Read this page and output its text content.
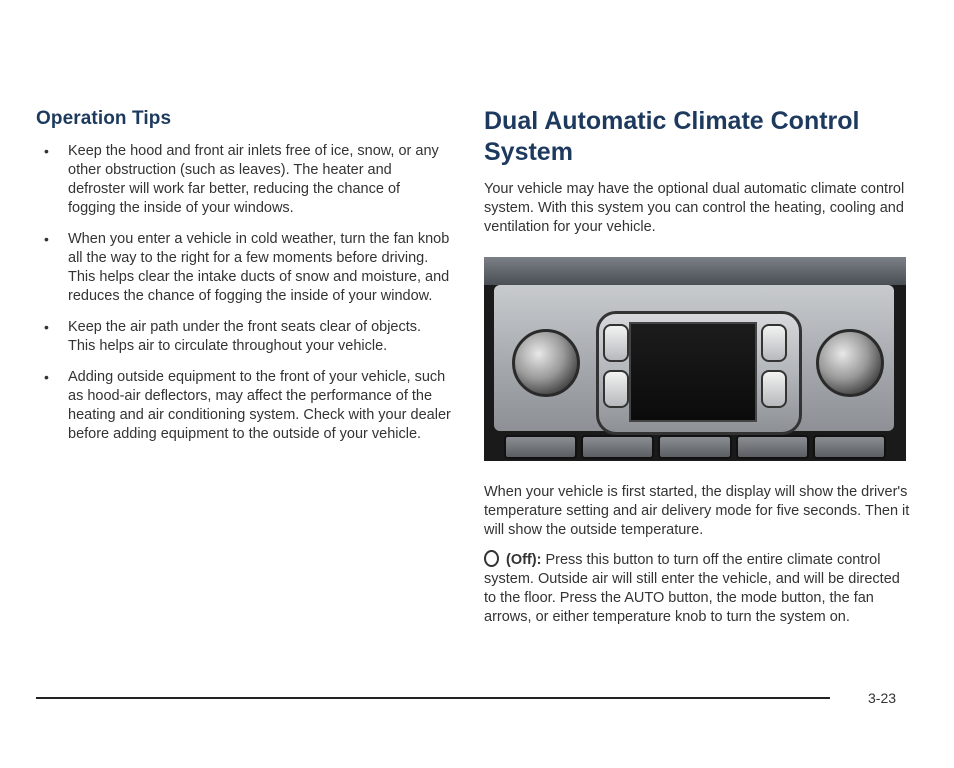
Operation Tips
• Keep the hood and front air inlets free of ice, snow, or any other obstruction (such as leaves). The heater and defroster will work far better, reducing the chance of fogging the inside of your windows.
• When you enter a vehicle in cold weather, turn the fan knob all the way to the right for a few moments before driving. This helps clear the intake ducts of snow and moisture, and reduces the chance of fogging the inside of your window.
• Keep the air path under the front seats clear of objects. This helps air to circulate throughout your vehicle.
• Adding outside equipment to the front of your vehicle, such as hood-air deflectors, may affect the performance of the heating and air conditioning system. Check with your dealer before adding equipment to the outside of your vehicle.
Dual Automatic Climate Control System

Your vehicle may have the optional dual automatic climate control system. With this system you can control the heating, cooling and ventilation for your vehicle.

When your vehicle is first started, the display will show the driver's temperature setting and air delivery mode for five seconds. Then it will show the outside temperature.

(Off): Press this button to turn off the entire climate control system. Outside air will still enter the vehicle, and will be directed to the floor. Press the AUTO button, the mode button, the fan arrows, or either temperature knob to turn the system on.

3-23
